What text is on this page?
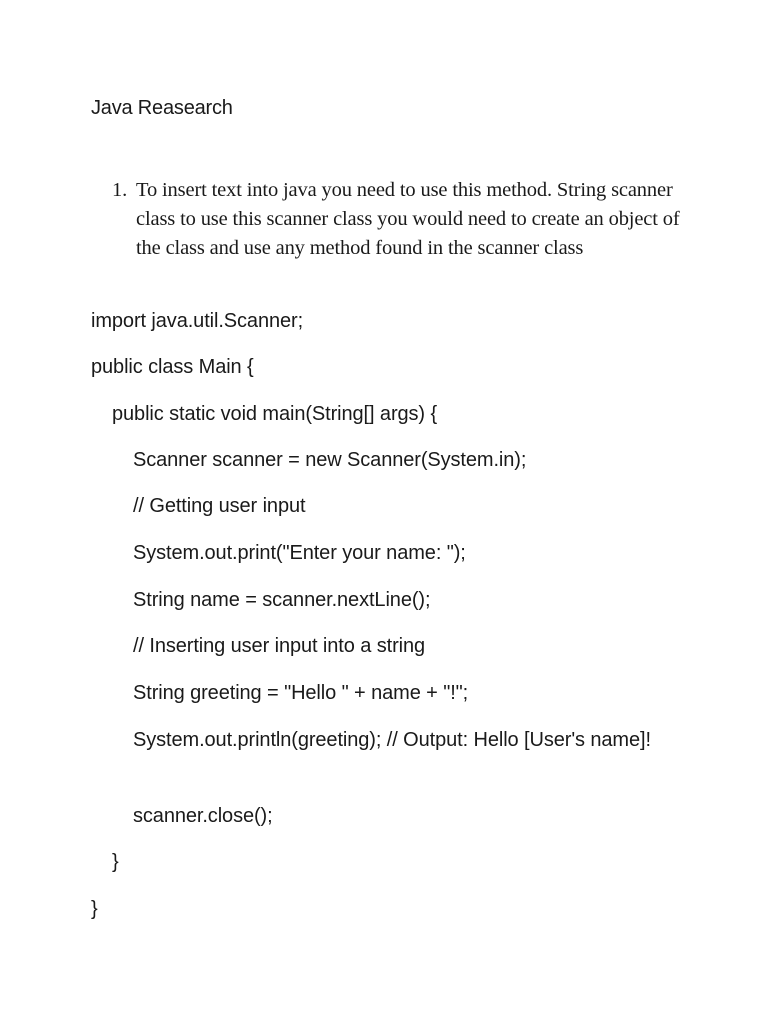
Java Reasearch
1. To insert text into java you need to use this method. String scanner class to use this scanner class you would need to create an object of the class and use any method found in the scanner class
import java.util.Scanner;
public class Main {
public static void main(String[] args) {
Scanner scanner = new Scanner(System.in);
// Getting user input
System.out.print("Enter your name: ");
String name = scanner.nextLine();
// Inserting user input into a string
String greeting = "Hello " + name + "!";
System.out.println(greeting); // Output: Hello [User's name]!
scanner.close();
}
}
